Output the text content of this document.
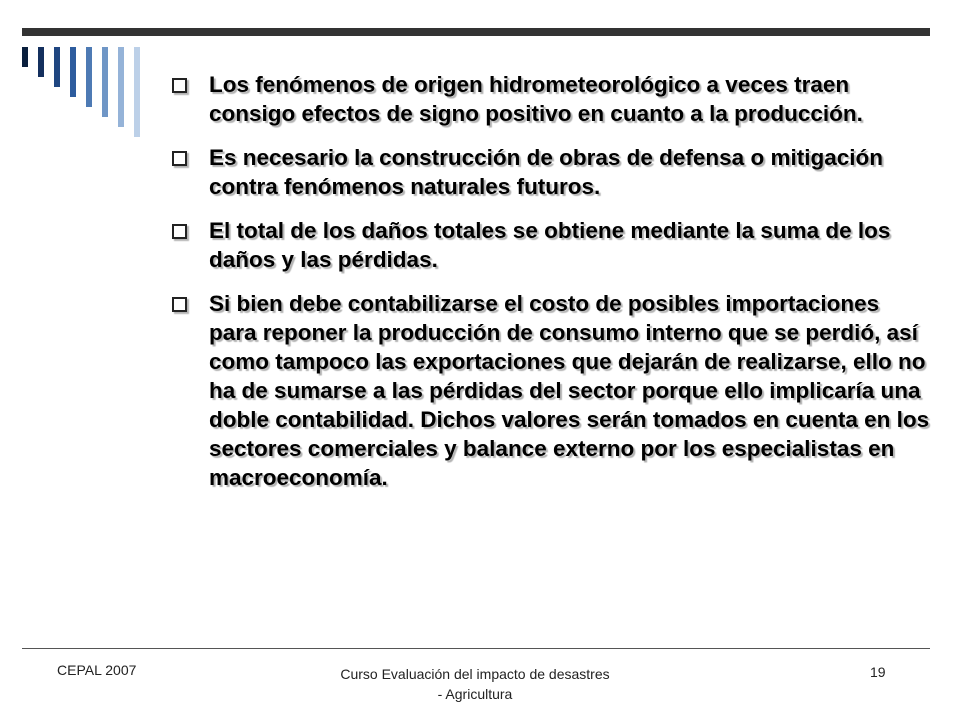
Los fenómenos de origen hidrometeorológico a veces traen consigo efectos de signo positivo en cuanto a la producción.
Es necesario la construcción de obras de defensa o mitigación contra fenómenos naturales futuros.
El total de los daños totales se obtiene mediante la suma de los daños y las pérdidas.
Si bien debe contabilizarse el costo de posibles importaciones para reponer la producción de consumo interno que se perdió, así como tampoco las exportaciones que dejarán de realizarse, ello no ha de sumarse a las pérdidas del sector porque ello implicaría una doble contabilidad. Dichos valores serán tomados en cuenta en los sectores comerciales y balance externo por los especialistas en macroeconomía.
CEPAL 2007	Curso Evaluación del impacto de desastres - Agricultura
19
